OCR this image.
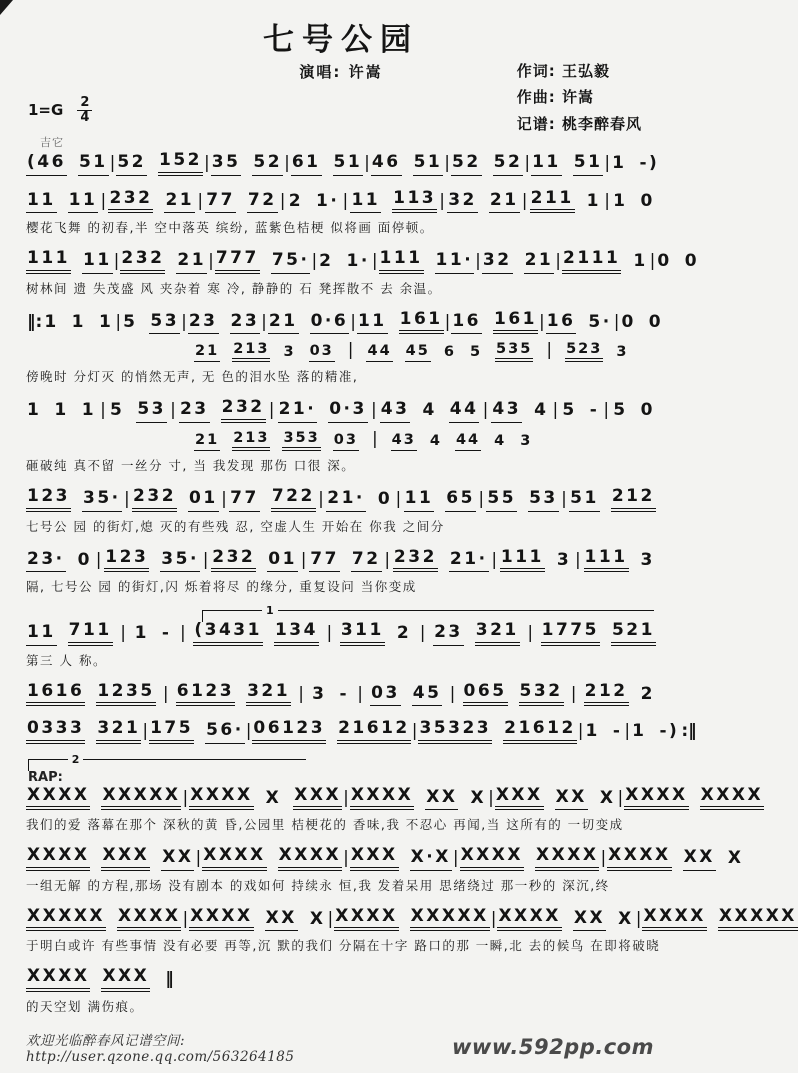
七号公园
演唱: 许嵩	作词: 王弘毅
作曲: 许嵩
记谱: 桃李醉春风
$1=G \frac{2}{4}$
吉它
(46 51 | 52 152 | 35 52 | 61 51 | 46 51 | 52 52 | 11 51 | 1 -)
11 11 | 232 21 | 77 72 | 2 1· | 11 113 | 32 21 | 211 1 | 1 0
樱花飞舞 的初春,半 空中落英 缤纷, 蓝紫色桔梗 似将画 面停顿。
111 11 | 232 21 | 777 75· | 2 1· | 111 11· | 32 21 | 2111 1 | 0 0
树林间 遗 失茂盛 风 夹杂着 寒 冷, 静静的 石 凳挥散不 去 余温。
‖: 1 1 1 | 5 53 | 23 23 | 21 0·6 | 11 161 | 16 161 | 16 5· | 0 0
21 213 3 03 | 44 45 6 5 535 | 523 3
傍晚时 分灯灭 的悄然无声, 无 色的泪水坠 落的精准,
1 1 1 | 5 53 | 23 232 | 21· 0·3 | 43 4 44 | 43 4 | 5 - | 5 0
21 213 353 03 | 43 4 44 4 3
砸破纯 真不留 一丝分 寸, 当 我发现 那伤 口很 深。
123 35· | 232 01 | 77 722 | 21· 0 | 11 65 | 55 53 | 51 212
七号公 园 的街灯,熄 灭的有些残 忍, 空虚人生 开始在 你我 之间分
23· 0 | 123 35· | 232 01 | 77 72 | 232 21· | 111 3 | 111 3
隔, 七号公 园 的街灯,闪 烁着将尽 的缘分, 重复设问 当你变成
1
11 711 | 1 - | (3431 134 | 311 2 | 23 321 | 1775 521
第三 人 称。
1616 1235 | 6123 321 | 3 - | 03 45 | 065 532 | 212 2
0333 321 | 175 56· | 06123 21612 | 35323 21612 | 1 - | 1 -) :‖
2
RAP:
XXXX XXXXX | XXXX X XXX | XXXX XX X | XXX XX X | XXXX XXXX
我们的爱 落幕在那个 深秋的黄 昏,公园里 桔梗花的 香味,我 不忍心 再闻,当 这所有的 一切变成
XXXX XXX XX | XXXX XXXX | XXX X·X | XXXX XXXX | XXXX XX X
一组无解 的方程,那场 没有剧本 的戏如何 持续永 恒,我 发着呆用 思绪绕过 那一秒的 深沉,终
XXXXX XXXX | XXXX XX X | XXXX XXXXX | XXXX XX X | XXXX XXXXX
于明白或许 有些事情 没有必要 再等,沉 默的我们 分隔在十字 路口的那 一瞬,北 去的候鸟 在即将破晓
XXXX XXX ‖
的天空划 满伤痕。
欢迎光临醉春风记谱空间: http://user.qzone.qq.com/563264185	www.592pp.com
